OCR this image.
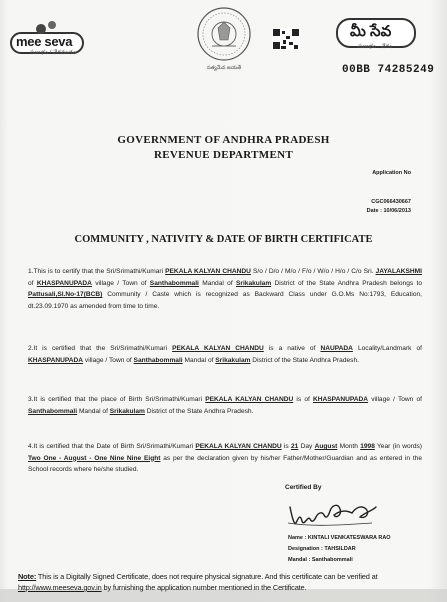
mee seva
సులభం / వేగవంతం
సత్యమేవ జయతే
మీ సేవ
సులభం · వేగం
00BB 74285249
GOVERNMENT OF ANDHRA PRADESH
REVENUE DEPARTMENT
Application No
CGC066430667
Date : 10/06/2013
COMMUNITY , NATIVITY & DATE OF BIRTH CERTIFICATE
1.This is to certify that the Sri/Srimathi/Kumari PEKALA KALYAN CHANDU S/o / D/o / M/o / F/o / W/o / H/o / C/o Sri. JAYALAKSHMI of KHASPANUPADA village / Town of Santhabommali Mandal of Srikakulam District of the State Andhra Pradesh belongs to Pattusali,Sl.No-17(BCB) Community / Caste which is recognized as Backward Class under G.O.Ms No:1793, Education, dt.23.09.1970 as amended from time to time.
2.It is certified that the Sri/Srimathi/Kumari PEKALA KALYAN CHANDU is a native of NAUPADA Locality/Landmark of KHASPANUPADA village / Town of Santhabommali Mandal of Srikakulam District of the State Andhra Pradesh.
3.It is certified that the place of Birth Sri/Srimathi/Kumari PEKALA KALYAN CHANDU is of KHASPANUPADA village / Town of Santhabommali Mandal of Srikakulam District of the State Andhra Pradesh.
4.It is certified that the Date of Birth Sri/Srimathi/Kumari PEKALA KALYAN CHANDU is 21 Day August Month 1998 Year (in words) Two One - August - One Nine Nine Eight as per the declaration given by his/her Father/Mother/Guardian and as entered in the School records where he/she studied.
Certified By
Name : KINTALI VENKATESWARA RAO
Designation : TAHSILDAR
Mandal : Santhabommali
Note: This is a Digitally Signed Certificate, does not require physical signature. And this certificate can be verified at http://www.meeseva.gov.in by furnishing the application number mentioned in the Certificate.
